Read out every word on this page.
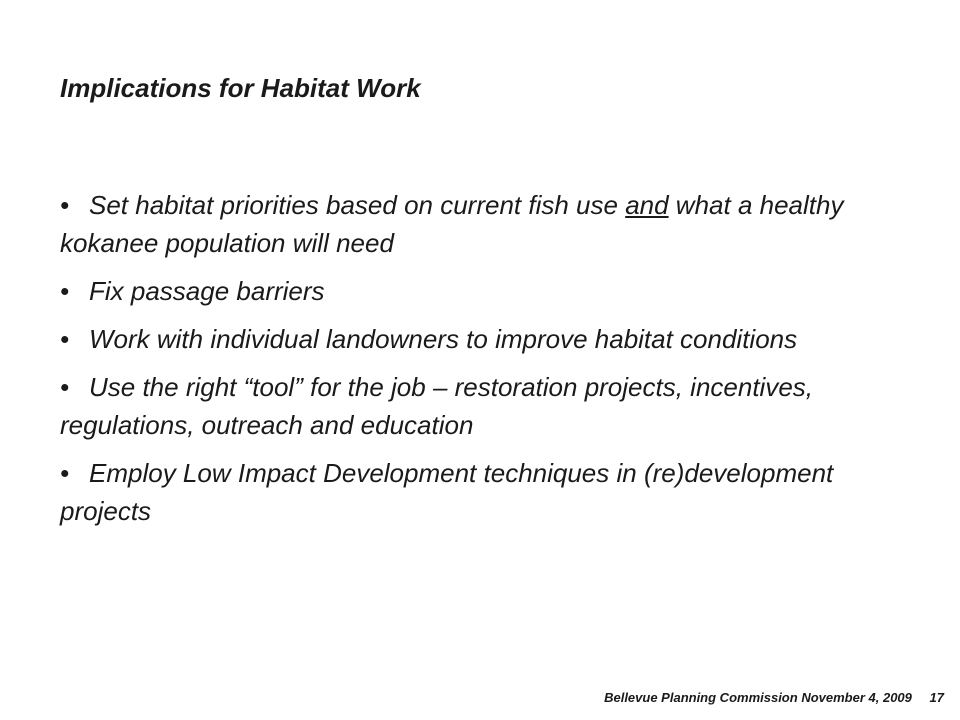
Implications for Habitat Work
• Set habitat priorities based on current fish use and what a healthy kokanee population will need
• Fix passage barriers
• Work with individual landowners to improve habitat conditions
• Use the right “tool” for the job – restoration projects, incentives, regulations, outreach and education
• Employ Low Impact Development techniques in (re)development projects
Bellevue Planning Commission November 4, 2009 17
